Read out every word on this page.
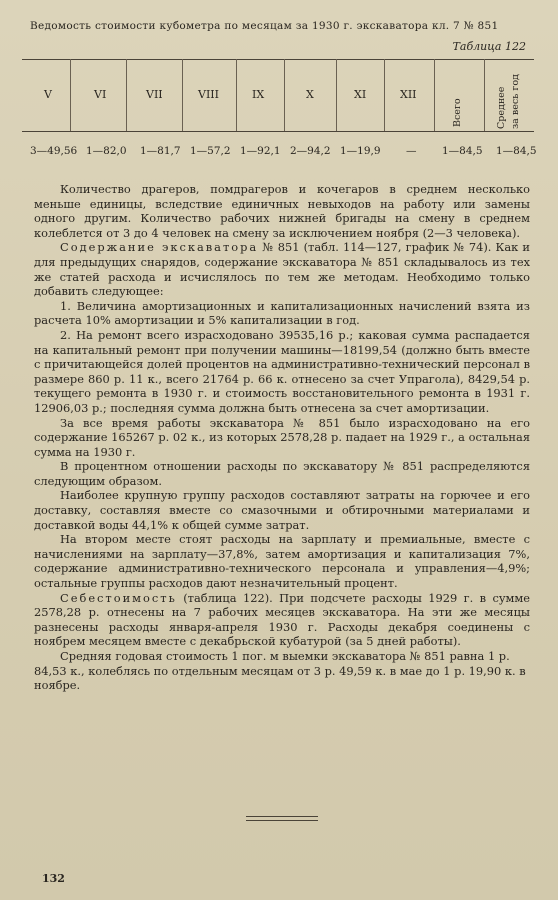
Ведомость стоимости кубометра по месяцам за 1930 г. экскаватора кл. 7 № 851
Таблица 122
V	VI	VII	VIII	IX	X	XI	XII
Всего	Среднее за весь год
3—49,56 1—82,0 1—81,7 1—57,2 1—92,1 2—94,2 1—19,9 — 1—84,5 1—84,5

Количество драгеров, помдрагеров и кочегаров в среднем несколько меньше единицы, вследствие единичных невыходов на работу или замены одного другим. Количество рабочих нижней бригады на смену в среднем колеблется от 3 до 4 человек на смену за исключением ноября (2—3 человека).

Содержание экскаватора № 851 (табл. 114—127, график № 74). Как и для предыдущих снарядов, содержание экскаватора № 851 складывалось из тех же статей расхода и исчислялось по тем же методам. Необходимо только добавить следующее:

1. Величина амортизационных и капитализационных начислений взята из расчета 10% амортизации и 5% капитализации в год.

2. На ремонт всего израсходовано 39535,16 р.; каковая сумма распадается на капитальный ремонт при получении машины—18199,54 (должно быть вместе с причитающейся долей процентов на административно-технический персонал в размере 860 р. 11 к., всего 21764 р. 66 к. отнесено за счет Упрагола), 8429,54 р. текущего ремонта в 1930 г. и стоимость восстановительного ремонта в 1931 г. 12906,03 р.; последняя сумма должна быть отнесена за счет амортизации.

За все время работы экскаватора № 851 было израсходовано на его содержание 165267 р. 02 к., из которых 2578,28 р. падает на 1929 г., а остальная сумма на 1930 г.

В процентном отношении расходы по экскаватору № 851 распределяются следующим образом.

Наиболее крупную группу расходов составляют затраты на горючее и его доставку, составляя вместе со смазочными и обтирочными материалами и доставкой воды 44,1% к общей сумме затрат.

На втором месте стоят расходы на зарплату и премиальные, вместе с начислениями на зарплату—37,8%, затем амортизация и капитализация 7%, содержание административно-технического персонала и управления—4,9%; остальные группы расходов дают незначительный процент.

Себестоимость (таблица 122). При подсчете расходы 1929 г. в сумме 2578,28 р. отнесены на 7 рабочих месяцев экскаватора. На эти же месяцы разнесены расходы января-апреля 1930 г. Расходы декабря соединены с ноябрем месяцем вместе с декабрьской кубатурой (за 5 дней работы).

Средняя годовая стоимость 1 пог. м выемки экскаватора № 851 равна 1 р. 84,53 к., колеблясь по отдельным месяцам от 3 р. 49,59 к. в мае до 1 р. 19,90 к. в ноябре.

132
